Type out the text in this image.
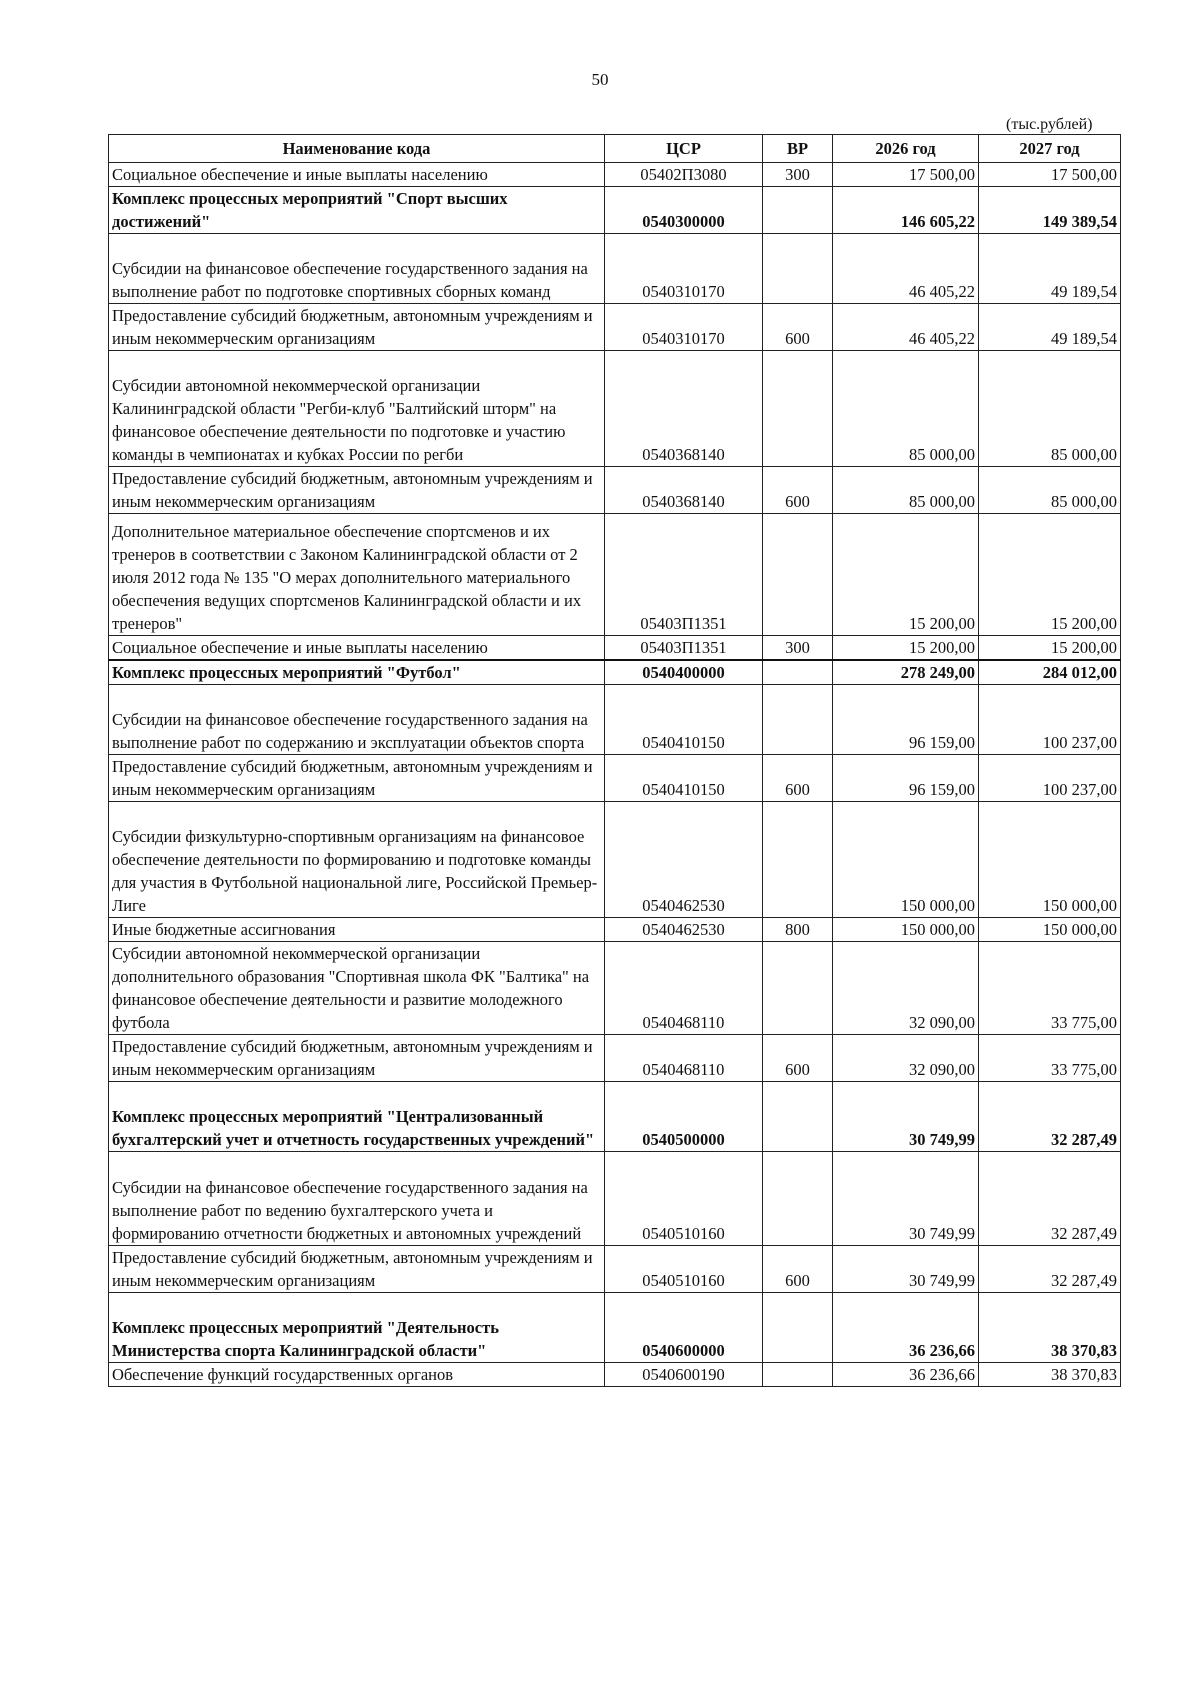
50
(тыс.рублей)
Наименование кода	ЦСР	ВР	2026 год	2027 год
Социальное обеспечение и иные выплаты населению	05402П3080	300	17 500,00	17 500,00
Комплекс процессных мероприятий "Спорт высших достижений"	0540300000		146 605,22	149 389,54
Субсидии на финансовое обеспечение государственного задания на выполнение работ по подготовке спортивных сборных команд	0540310170		46 405,22	49 189,54
Предоставление субсидий бюджетным, автономным учреждениям и иным некоммерческим организациям	0540310170	600	46 405,22	49 189,54
Субсидии автономной некоммерческой организации Калининградской области "Регби-клуб "Балтийский шторм" на финансовое обеспечение деятельности по подготовке и участию команды в чемпионатах и кубках России по регби	0540368140		85 000,00	85 000,00
Предоставление субсидий бюджетным, автономным учреждениям и иным некоммерческим организациям	0540368140	600	85 000,00	85 000,00
Дополнительное материальное обеспечение спортсменов и их тренеров в соответствии с Законом Калининградской области от 2 июля 2012 года № 135 "О мерах дополнительного материального обеспечения ведущих спортсменов Калининградской области и их тренеров"	05403П1351		15 200,00	15 200,00
Социальное обеспечение и иные выплаты населению	05403П1351	300	15 200,00	15 200,00
Комплекс процессных мероприятий "Футбол"	0540400000		278 249,00	284 012,00
Субсидии на финансовое обеспечение государственного задания на выполнение работ по содержанию и эксплуатации объектов спорта	0540410150		96 159,00	100 237,00
Предоставление субсидий бюджетным, автономным учреждениям и иным некоммерческим организациям	0540410150	600	96 159,00	100 237,00
Субсидии физкультурно-спортивным организациям на финансовое обеспечение деятельности по формированию и подготовке команды для участия в Футбольной национальной лиге, Российской Премьер-Лиге	0540462530		150 000,00	150 000,00
Иные бюджетные ассигнования	0540462530	800	150 000,00	150 000,00
Субсидии автономной некоммерческой организации дополнительного образования "Спортивная школа ФК "Балтика" на финансовое обеспечение деятельности и развитие молодежного футбола	0540468110		32 090,00	33 775,00
Предоставление субсидий бюджетным, автономным учреждениям и иным некоммерческим организациям	0540468110	600	32 090,00	33 775,00
Комплекс процессных мероприятий "Централизованный бухгалтерский учет и отчетность государственных учреждений"	0540500000		30 749,99	32 287,49
Субсидии на финансовое обеспечение государственного задания на выполнение работ по ведению бухгалтерского учета и формированию отчетности бюджетных и автономных учреждений	0540510160		30 749,99	32 287,49
Предоставление субсидий бюджетным, автономным учреждениям и иным некоммерческим организациям	0540510160	600	30 749,99	32 287,49
Комплекс процессных мероприятий "Деятельность Министерства спорта Калининградской области"	0540600000		36 236,66	38 370,83
Обеспечение функций государственных органов	0540600190		36 236,66	38 370,83
